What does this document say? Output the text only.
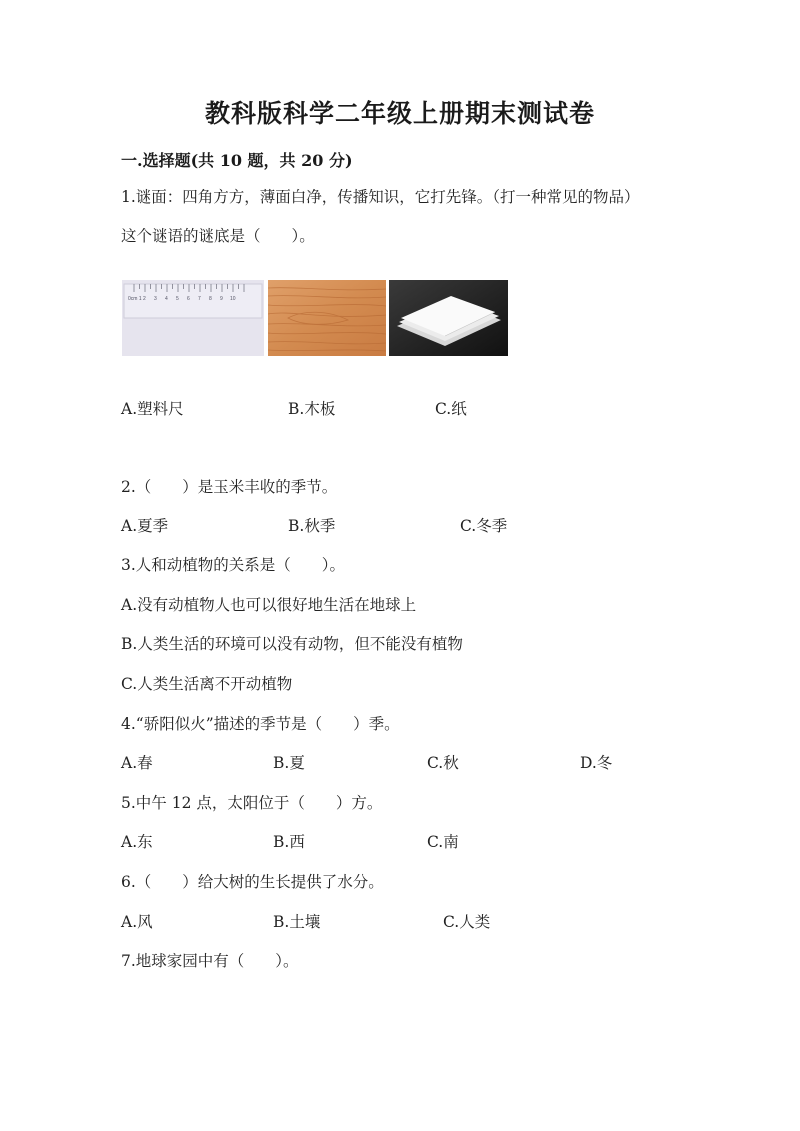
教科版科学二年级上册期末测试卷
一.选择题(共 10 题，共 20 分)
1.谜面：四角方方，薄面白净，传播知识，它打先锋。（打一种常见的物品）
这个谜语的谜底是（　　）。
0cm 1 2 3 4 5 6 7 8 9 10
A.塑料尺	B.木板	C.纸
2.（　　）是玉米丰收的季节。
A.夏季	B.秋季	C.冬季
3.人和动植物的关系是（　　）。
A.没有动植物人也可以很好地生活在地球上
B.人类生活的环境可以没有动物，但不能没有植物
C.人类生活离不开动植物
4.“骄阳似火”描述的季节是（　　）季。
A.春	B.夏	C.秋	D.冬
5.中午 12 点，太阳位于（　　）方。
A.东	B.西	C.南
6.（　　）给大树的生长提供了水分。
A.风	B.土壤	C.人类
7.地球家园中有（　　）。
